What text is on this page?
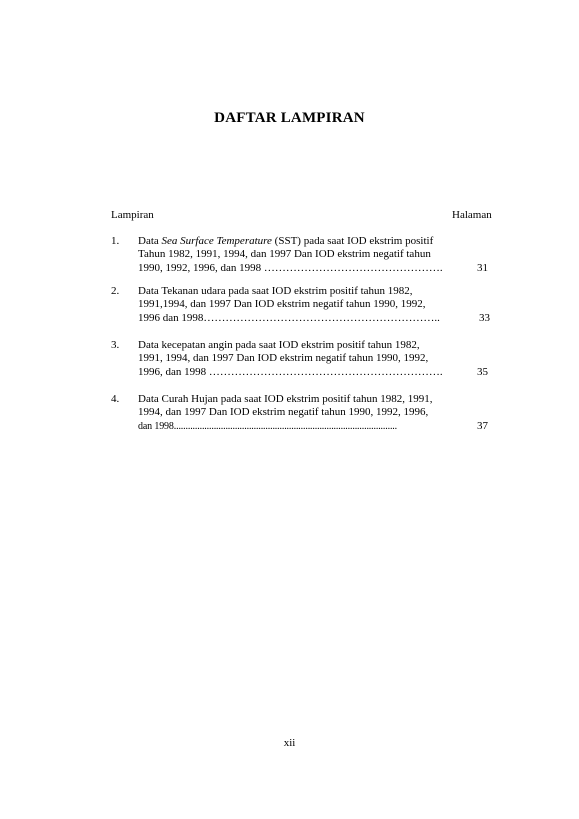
DAFTAR LAMPIRAN
Lampiran	Halaman
1. Data Sea Surface Temperature (SST) pada saat IOD ekstrim positif
Tahun 1982, 1991, 1994, dan 1997 Dan IOD ekstrim negatif tahun
1990, 1992, 1996, dan 1998 ………………………………………….	31
2. Data Tekanan udara pada saat IOD ekstrim positif tahun 1982,
1991,1994, dan 1997 Dan IOD ekstrim negatif tahun 1990, 1992,
1996 dan 1998………………………………………………………..	33
3. Data kecepatan angin pada saat IOD ekstrim positif tahun 1982,
1991, 1994, dan 1997 Dan IOD ekstrim negatif tahun 1990, 1992,
1996, dan 1998 ……………………………………………………….	35
4. Data Curah Hujan pada saat IOD ekstrim positif tahun 1982, 1991,
1994, dan 1997 Dan IOD ekstrim negatif tahun 1990, 1992, 1996,
dan 1998...............................................................................................	37
xii
